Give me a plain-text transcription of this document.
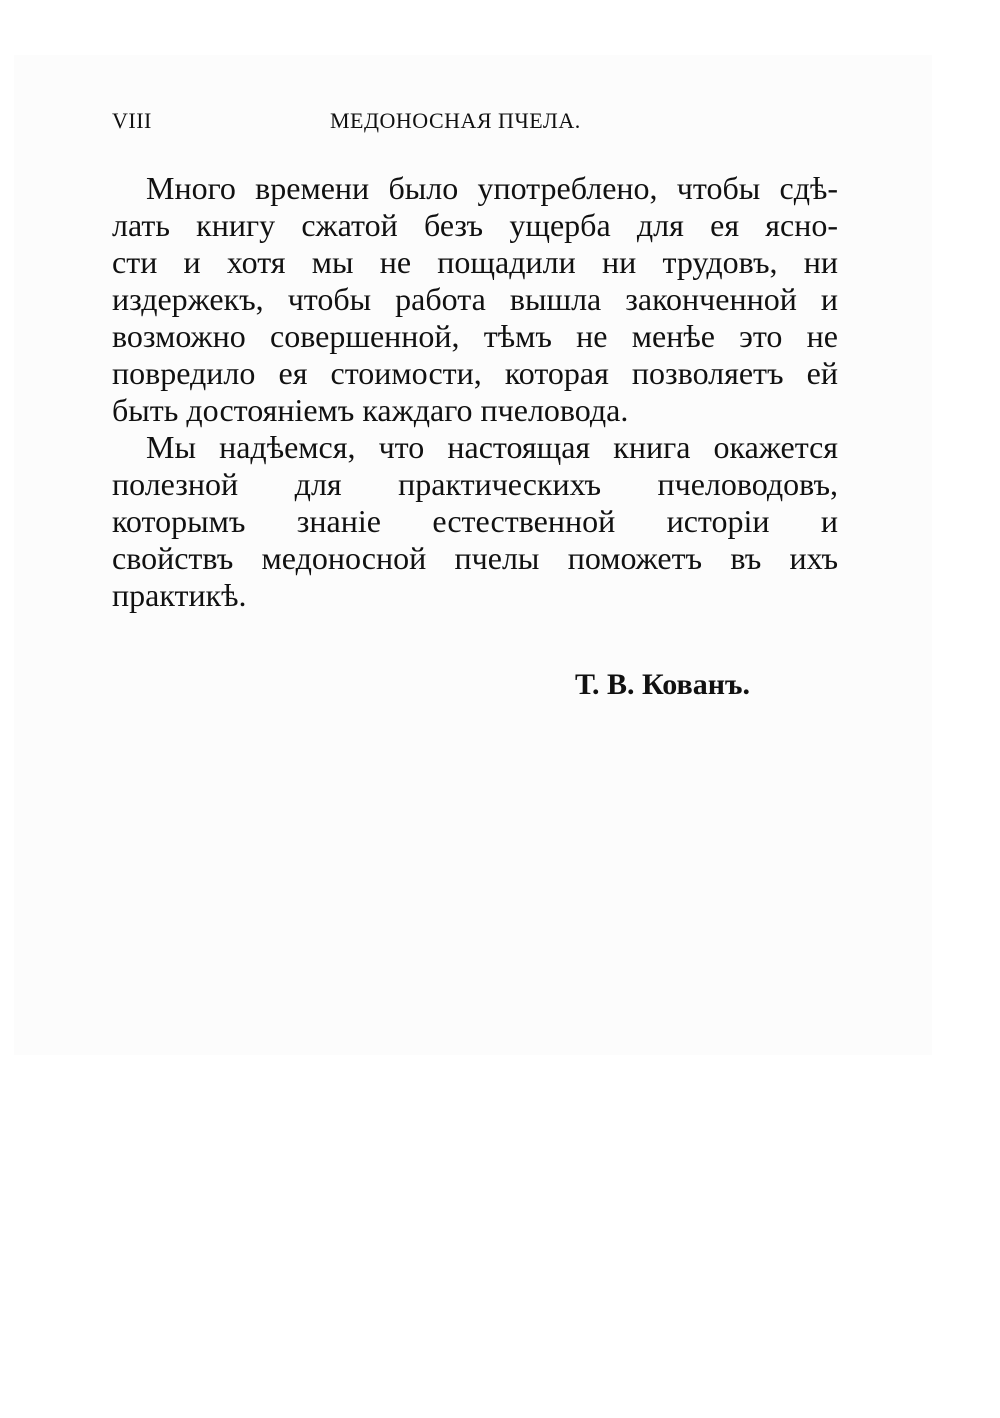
VIII	МЕДОНОСНАЯ ПЧЕЛА.
Много времени было употреблено, чтобы сдѣ-
лать книгу сжатой безъ ущерба для ея ясно-
сти и хотя мы не пощадили ни трудовъ, ни
издержекъ, чтобы работа вышла законченной и
возможно совершенной, тѣмъ не менѣе это не
повредило ея стоимости, которая позволяетъ ей
быть достояніемъ каждаго пчеловода.
Мы надѣемся, что настоящая книга окажется
полезной для практическихъ пчеловодовъ,
которымъ знаніе естественной исторіи и
свойствъ медоносной пчелы поможетъ въ ихъ
практикѣ.
Т. В. Кованъ.
